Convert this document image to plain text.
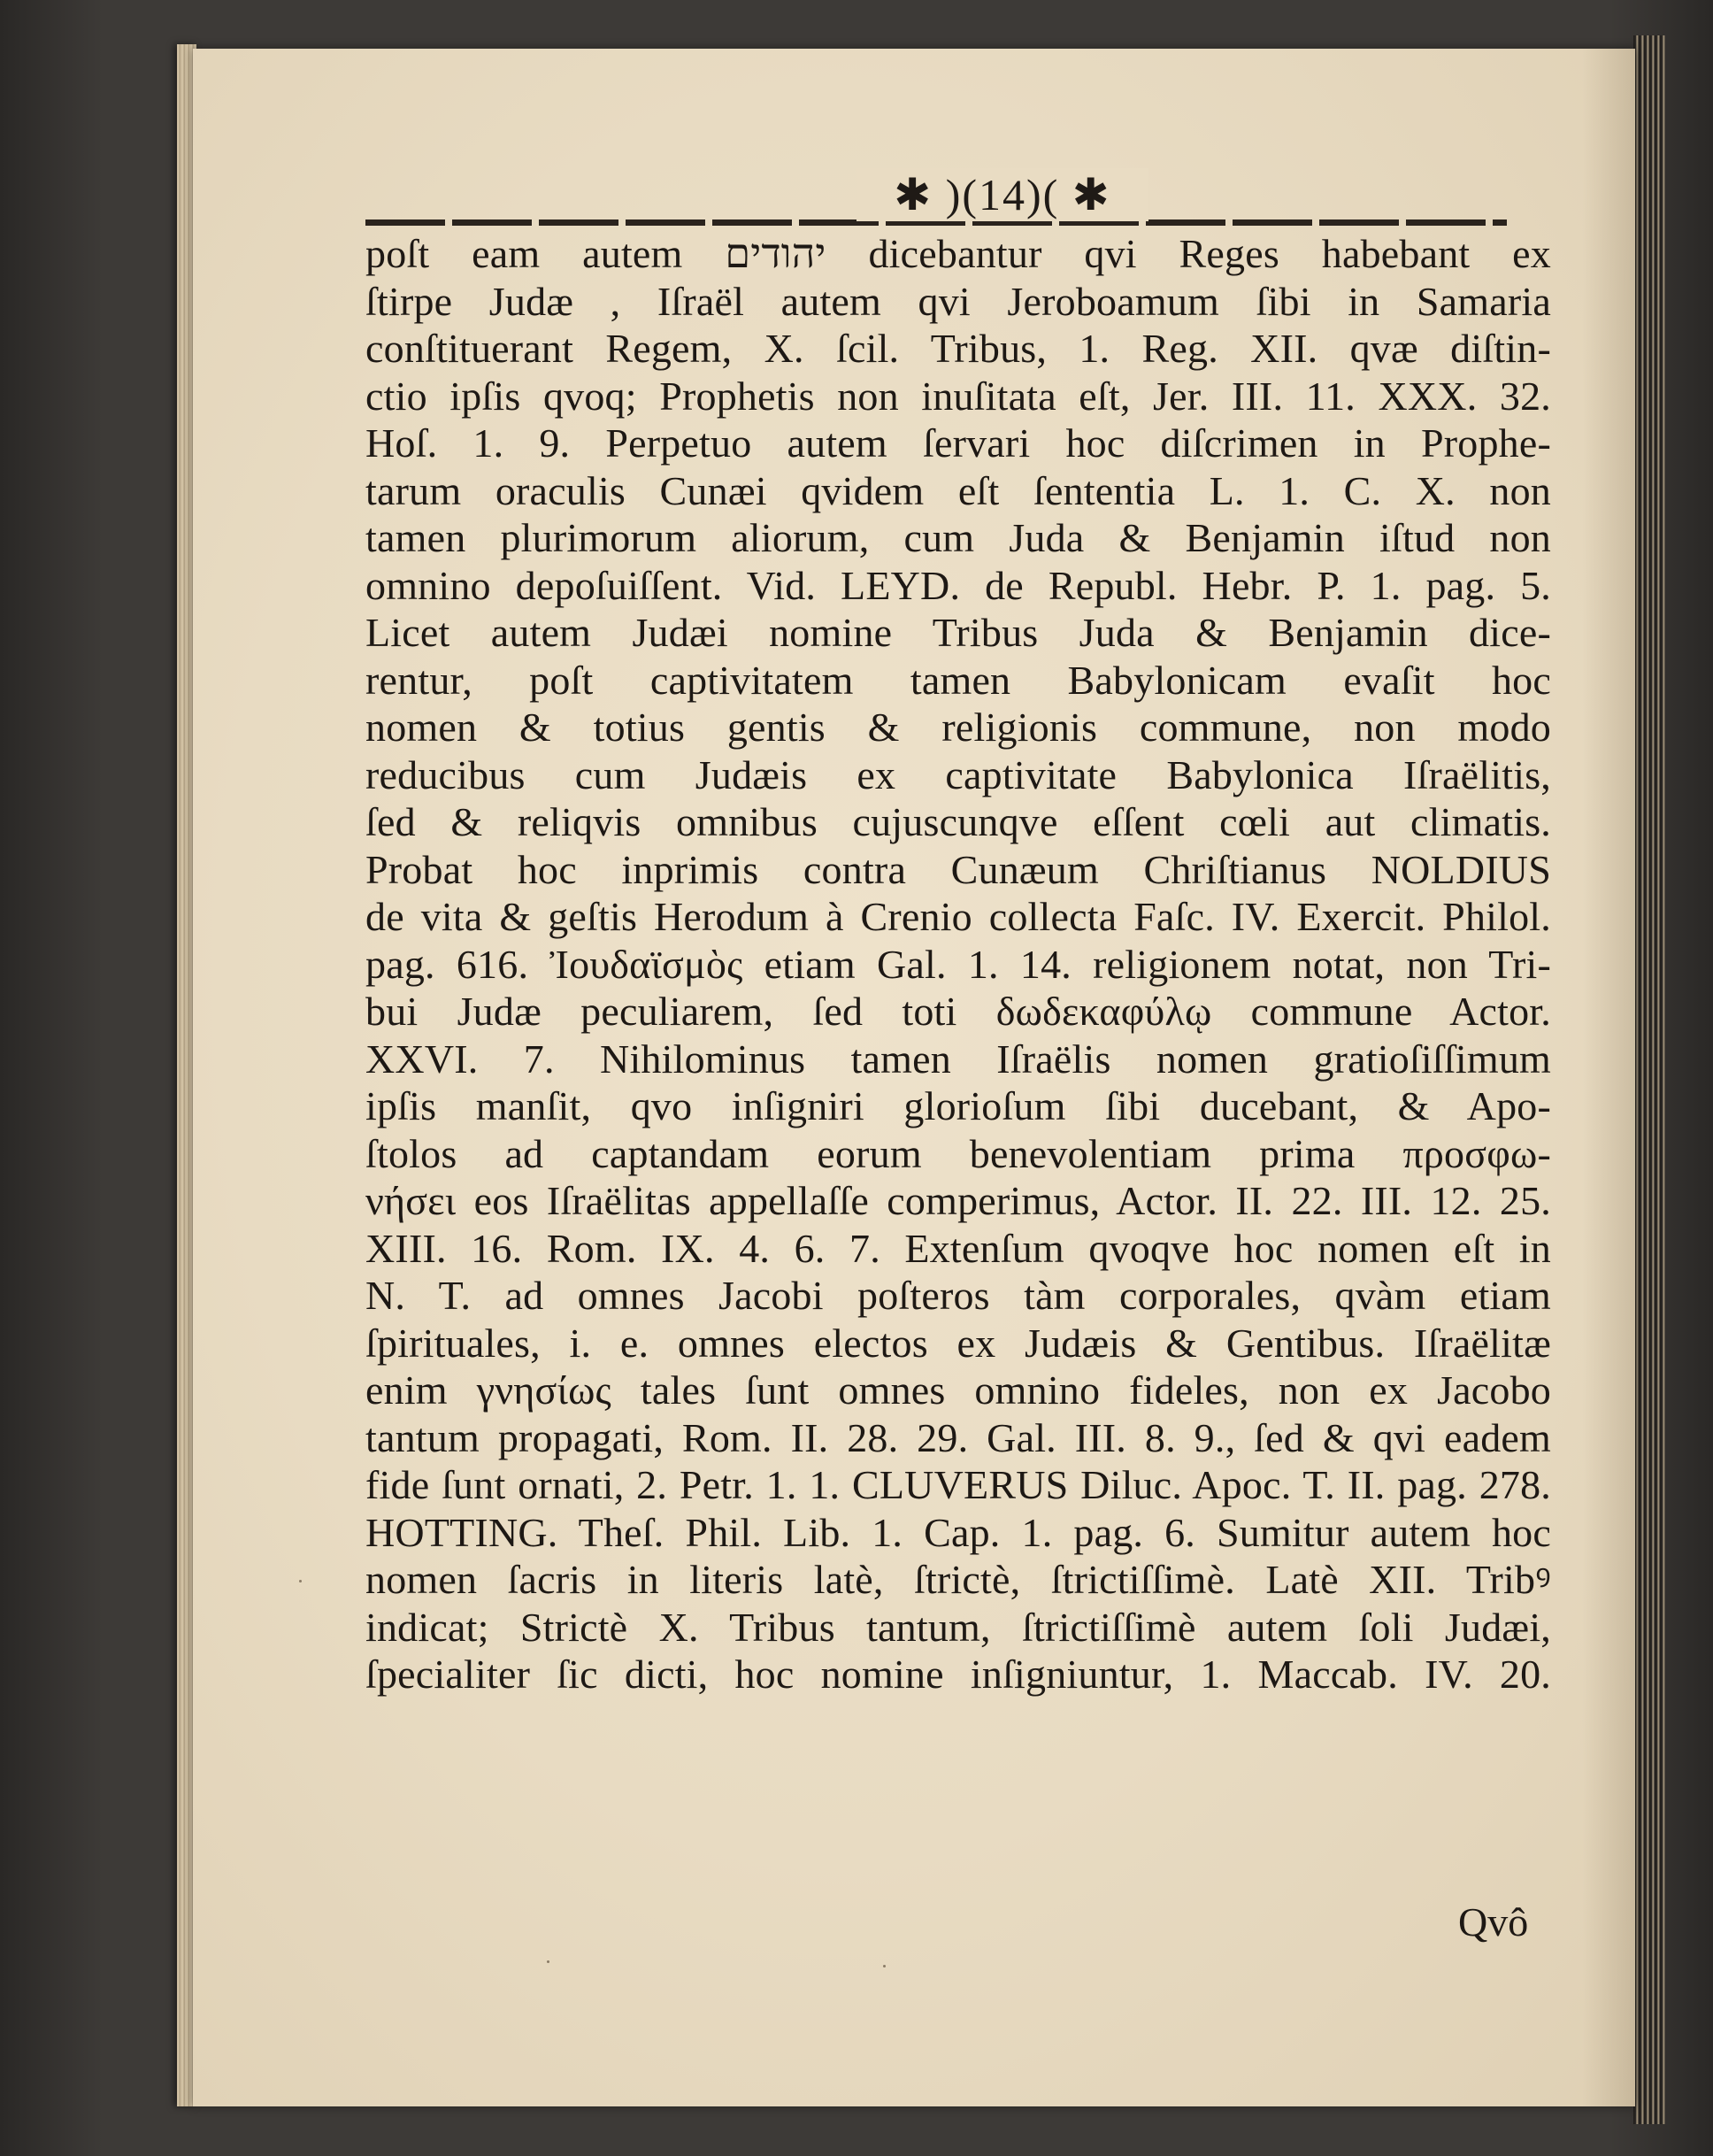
✱ )(14)( ✱
poſt eam autem יהודים dicebantur qvi Reges habebant ex
ſtirpe Judæ , Iſraël autem qvi Jeroboamum ſibi in Samaria
conſtituerant Regem, X. ſcil. Tribus, 1. Reg. XII. qvæ diſtin-
ctio ipſis qvoq; Prophetis non inuſitata eſt, Jer. III. 11. XXX. 32.
Hoſ. 1. 9. Perpetuo autem ſervari hoc diſcrimen in Prophe-
tarum oraculis Cunæi qvidem eſt ſententia L. 1. C. X. non
tamen plurimorum aliorum, cum Juda & Benjamin iſtud non
omnino depoſuiſſent. Vid. LEYD. de Republ. Hebr. P. 1. pag. 5.
Licet autem Judæi nomine Tribus Juda & Benjamin dice-
rentur, poſt captivitatem tamen Babylonicam evaſit hoc
nomen & totius gentis & religionis commune, non modo
reducibus cum Judæis ex captivitate Babylonica Iſraëlitis,
ſed & reliqvis omnibus cujuscunqve eſſent cœli aut climatis.
Probat hoc inprimis contra Cunæum Chriſtianus NOLDIUS
de vita & geſtis Herodum à Crenio collecta Faſc. IV. Exercit. Philol.
pag. 616. Ἰουδαϊσμὸς etiam Gal. 1. 14. religionem notat, non Tri-
bui Judæ peculiarem, ſed toti δωδεκαφύλῳ commune Actor.
XXVI. 7. Nihilominus tamen Iſraëlis nomen gratioſiſſimum
ipſis manſit, qvo inſigniri glorioſum ſibi ducebant, & Apo-
ſtolos ad captandam eorum benevolentiam prima προσφω-
νήσει eos Iſraëlitas appellaſſe comperimus, Actor. II. 22. III. 12. 25.
XIII. 16. Rom. IX. 4. 6. 7. Extenſum qvoqve hoc nomen eſt in
N. T. ad omnes Jacobi poſteros tàm corporales, qvàm etiam
ſpirituales, i. e. omnes electos ex Judæis & Gentibus. Iſraëlitæ
enim γνησίως tales ſunt omnes omnino fideles, non ex Jacobo
tantum propagati, Rom. II. 28. 29. Gal. III. 8. 9., ſed & qvi eadem
fide ſunt ornati, 2. Petr. 1. 1. CLUVERUS Diluc. Apoc. T. II. pag. 278.
HOTTING. Theſ. Phil. Lib. 1. Cap. 1. pag. 6. Sumitur autem hoc
nomen ſacris in literis latè, ſtrictè, ſtrictiſſimè. Latè XII. Tribꝰ
indicat; Strictè X. Tribus tantum, ſtrictiſſimè autem ſoli Judæi,
ſpecialiter ſic dicti, hoc nomine inſigniuntur, 1. Maccab. IV. 20.
Qvô
